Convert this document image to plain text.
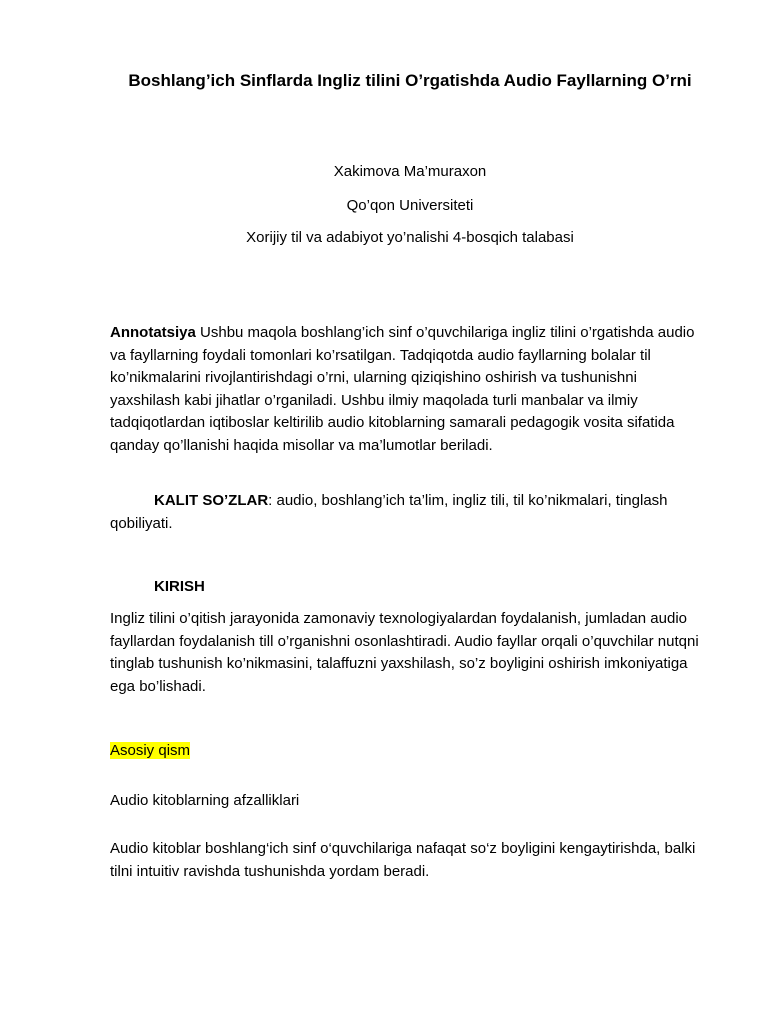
Boshlang’ich Sinflarda Ingliz tilini O’rgatishda Audio Fayllarning O’rni
Xakimova Ma’muraxon
Qo’qon Universiteti
Xorijiy til va adabiyot yo’nalishi 4-bosqich talabasi
Annotatsiya Ushbu maqola boshlang’ich sinf o’quvchilariga ingliz tilini o’rgatishda audio va fayllarning foydali tomonlari ko’rsatilgan. Tadqiqotda audio fayllarning bolalar til ko’nikmalarini rivojlantirishdagi o’rni, ularning qiziqishino oshirish va tushunishni yaxshilash kabi jihatlar o’rganiladi. Ushbu ilmiy maqolada turli manbalar va ilmiy tadqiqotlardan iqtiboslar keltirilib audio kitoblarning samarali pedagogik vosita sifatida qanday qo’llanishi haqida misollar va ma’lumotlar beriladi.
KALIT SO’ZLAR: audio, boshlang’ich ta’lim, ingliz tili, til ko’nikmalari, tinglash qobiliyati.
KIRISH
Ingliz tilini o’qitish jarayonida zamonaviy texnologiyalardan foydalanish, jumladan audio fayllardan foydalanish till o’rganishni osonlashtiradi. Audio fayllar orqali o’quvchilar nutqni tinglab tushunish ko’nikmasini, talaffuzni yaxshilash, so’z boyligini oshirish imkoniyatiga ega bo’lishadi.
Asosiy qism
Audio kitoblarning afzalliklari
Audio kitoblar boshlang‘ich sinf o‘quvchilariga nafaqat so‘z boyligini kengaytirishda, balki tilni intuitiv ravishda tushunishda yordam beradi.
